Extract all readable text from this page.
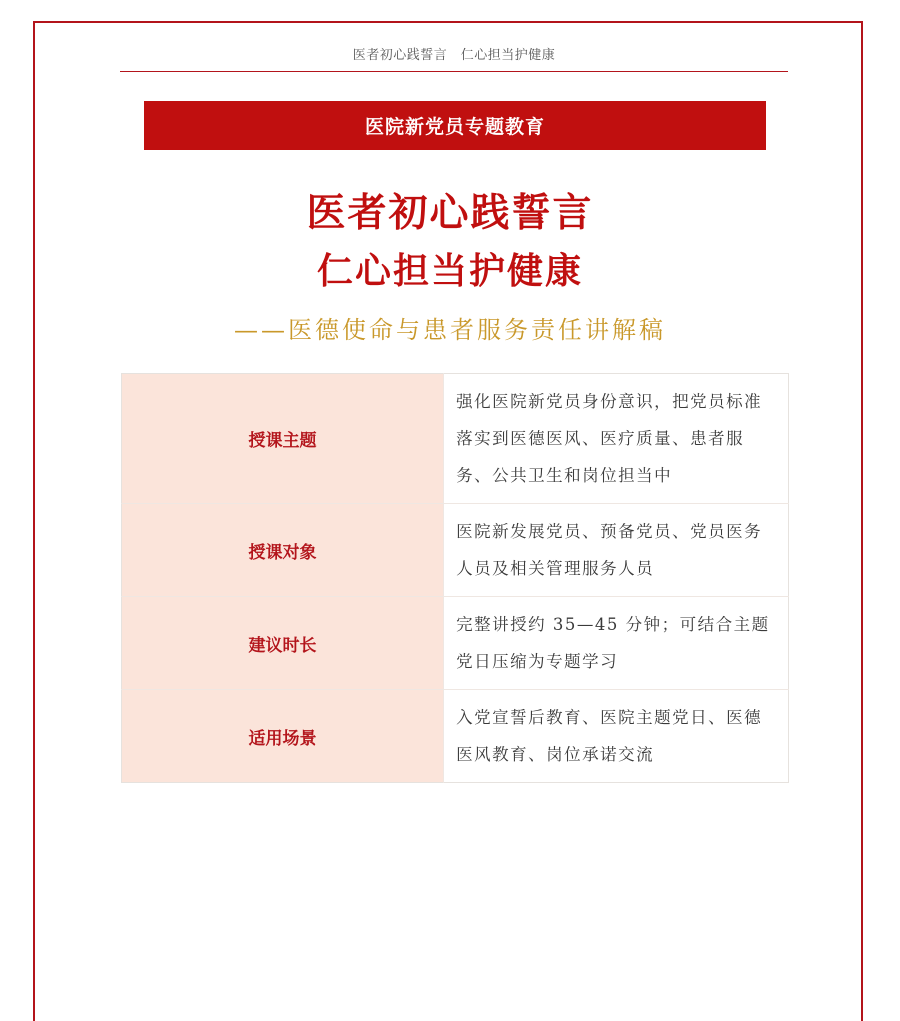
医者初心践誓言　仁心担当护健康
医院新党员专题教育
医者初心践誓言
仁心担当护健康
——医德使命与患者服务责任讲解稿
授课主题	强化医院新党员身份意识，把党员标准落实到医德医风、医疗质量、患者服务、公共卫生和岗位担当中
授课对象	医院新发展党员、预备党员、党员医务人员及相关管理服务人员
建议时长	完整讲授约 35—45 分钟；可结合主题党日压缩为专题学习
适用场景	入党宣誓后教育、医院主题党日、医德医风教育、岗位承诺交流
